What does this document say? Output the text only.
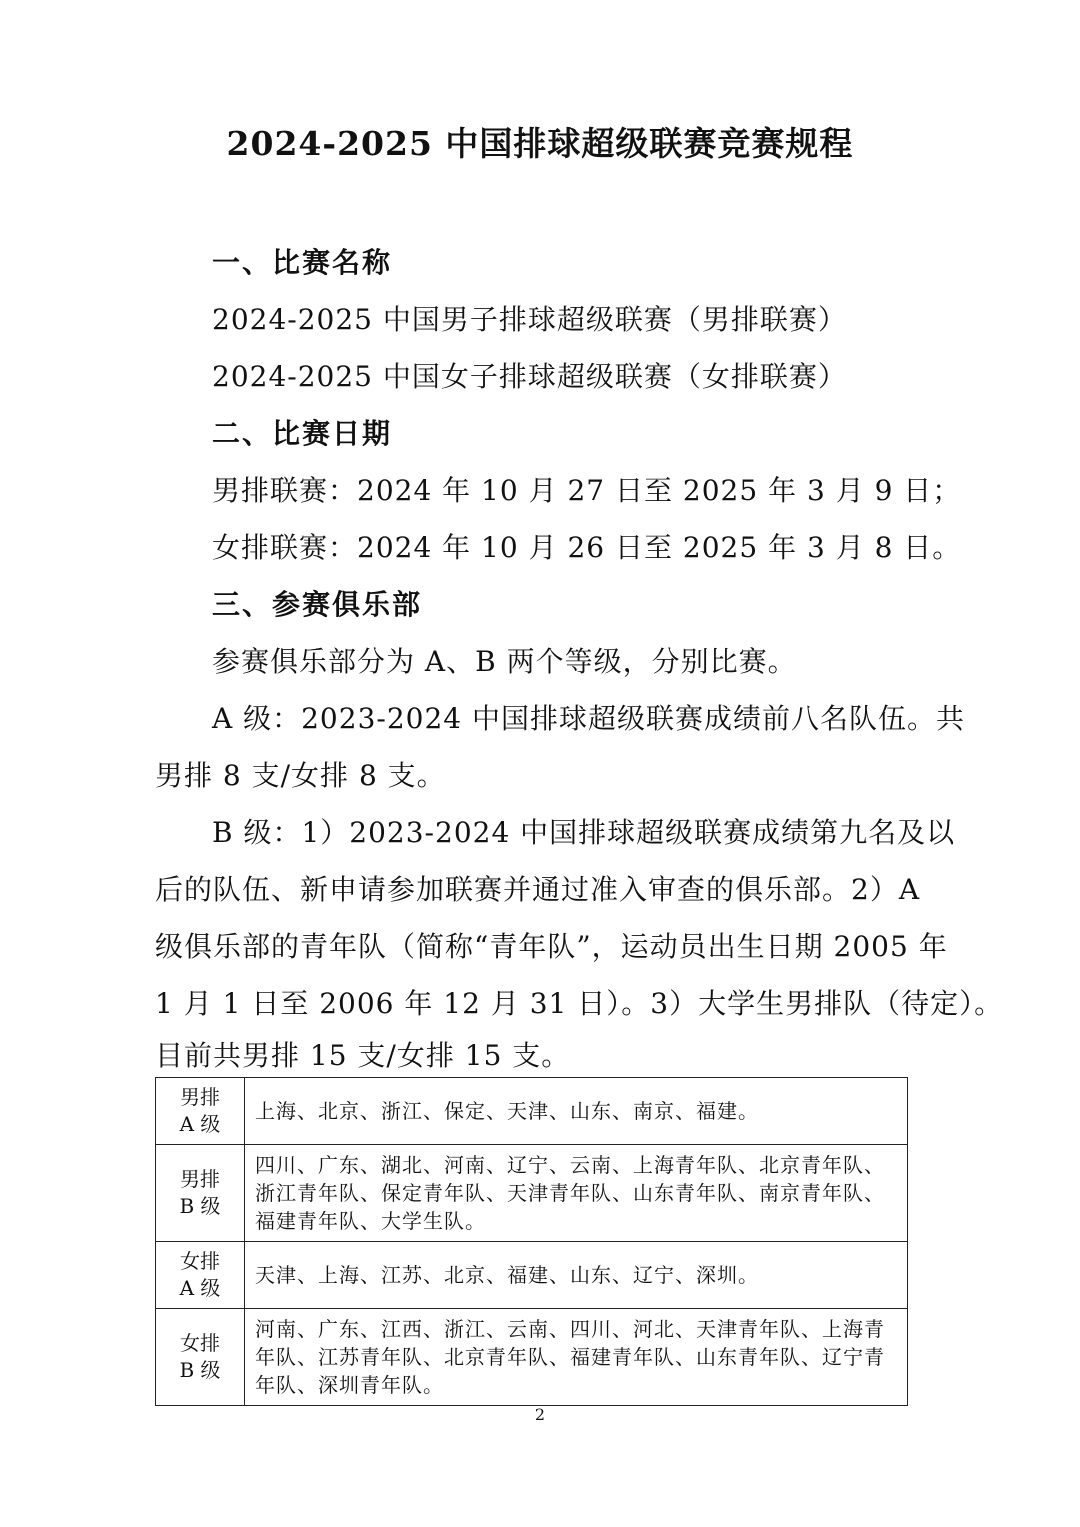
2024-2025 中国排球超级联赛竞赛规程
一、比赛名称
2024-2025 中国男子排球超级联赛（男排联赛）
2024-2025 中国女子排球超级联赛（女排联赛）
二、比赛日期
男排联赛：2024 年 10 月 27 日至 2025 年 3 月 9 日；
女排联赛：2024 年 10 月 26 日至 2025 年 3 月 8 日。
三、参赛俱乐部
参赛俱乐部分为 A、B 两个等级，分别比赛。
A 级：2023-2024 中国排球超级联赛成绩前八名队伍。共
男排 8 支/女排 8 支。
B 级：1）2023-2024 中国排球超级联赛成绩第九名及以
后的队伍、新申请参加联赛并通过准入审查的俱乐部。2）A
级俱乐部的青年队（简称“青年队”，运动员出生日期 2005 年
1 月 1 日至 2006 年 12 月 31 日）。3）大学生男排队（待定）。
目前共男排 15 支/女排 15 支。
男排
A 级	上海、北京、浙江、保定、天津、山东、南京、福建。

男排
B 级	四川、广东、湖北、河南、辽宁、云南、上海青年队、北京青年队、浙江青年队、保定青年队、天津青年队、山东青年队、南京青年队、福建青年队、大学生队。

女排
A 级	天津、上海、江苏、北京、福建、山东、辽宁、深圳。

女排
B 级	河南、广东、江西、浙江、云南、四川、河北、天津青年队、上海青年队、江苏青年队、北京青年队、福建青年队、山东青年队、辽宁青年队、深圳青年队。
2
